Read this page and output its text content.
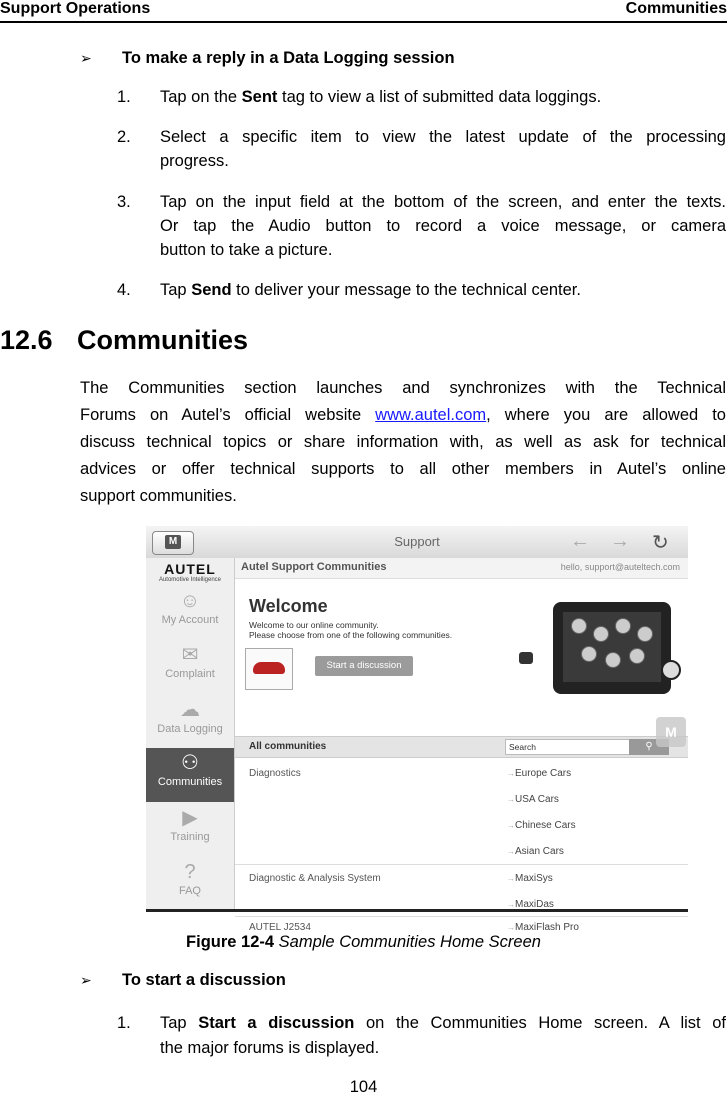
Support Operations	Communities
➢ To make a reply in a Data Logging session
1. Tap on the Sent tag to view a list of submitted data loggings.
2. Select a specific item to view the latest update of the processing
progress.
3. Tap on the input field at the bottom of the screen, and enter the texts.
Or tap the Audio button to record a voice message, or camera
button to take a picture.
4. Tap Send to deliver your message to the technical center.
12.6 Communities
The Communities section launches and synchronizes with the Technical
Forums on Autel’s official website www.autel.com, where you are allowed to
discuss technical topics or share information with, as well as ask for technical
advices or offer technical supports to all other members in Autel’s online
support communities.
M	Support	← → ↻
AUTEL
Automotive Intelligence
☺
My Account
✉
Complaint
☁
Data Logging
⚇
Communities
▶
Training
?
FAQ
Autel Support Communities	hello, support@auteltech.com
Welcome
Welcome to our online community.
Please choose from one of the following communities.
Start a discussion
All communities	Search	⚲
Diagnostics	→ Europe Cars
→ USA Cars
→ Chinese Cars
→ Asian Cars
Diagnostic & Analysis System	→ MaxiSys
→ MaxiDas
AUTEL J2534	→ MaxiFlash Pro
M
Figure 12-4 Sample Communities Home Screen
➢ To start a discussion
1. Tap Start a discussion on the Communities Home screen. A list of
the major forums is displayed.
104
